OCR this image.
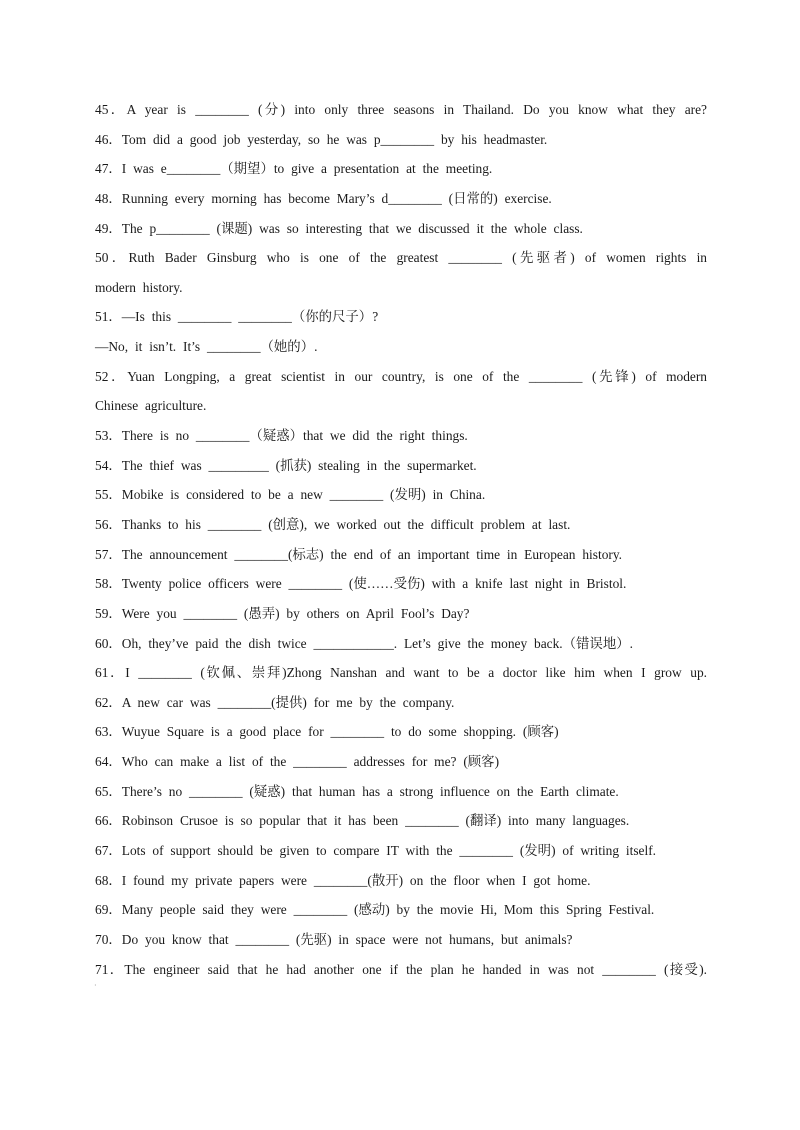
45．A year is ________ (分) into only three seasons in Thailand. Do you know what they are?
46．Tom did a good job yesterday, so he was p________ by his headmaster.
47．I was e________（期望）to give a presentation at the meeting.
48．Running every morning has become Mary’s d________ (日常的) exercise.
49．The p________ (课题) was so interesting that we discussed it the whole class.
50．Ruth Bader Ginsburg who is one of the greatest ________ (先驱者) of women rights in
modern history.
51．—Is this ________ ________（你的尺子）?
—No, it isn’t. It’s ________（她的）.
52．Yuan Longping, a great scientist in our country, is one of the ________ (先锋) of modern
Chinese agriculture.
53．There is no ________（疑惑）that we did the right things.
54．The thief was _________ (抓获) stealing in the supermarket.
55．Mobike is considered to be a new ________ (发明) in China.
56．Thanks to his ________ (创意), we worked out the difficult problem at last.
57．The announcement ________(标志) the end of an important time in European history.
58．Twenty police officers were ________ (使……受伤) with a knife last night in Bristol.
59．Were you ________ (愚弄) by others on April Fool’s Day?
60．Oh, they’ve paid the dish twice ____________. Let’s give the money back.（错误地）.
61．I ________ (钦佩、崇拜)Zhong Nanshan and want to be a doctor like him when I grow up.
62．A new car was ________(提供) for me by the company.
63．Wuyue Square is a good place for ________ to do some shopping. (顾客)
64．Who can make a list of the ________ addresses for me? (顾客)
65．There’s no ________ (疑惑) that human has a strong influence on the Earth climate.
66．Robinson Crusoe is so popular that it has been ________ (翻译) into many languages.
67．Lots of support should be given to compare IT with the ________ (发明) of writing itself.
68．I found my private papers were ________(散开) on the floor when I got home.
69．Many people said they were ________ (感动) by the movie Hi, Mom this Spring Festival.
70．Do you know that ________ (先驱) in space were not humans, but animals?
71．The engineer said that he had another one if the plan he handed in was not ________ (接受).
·
